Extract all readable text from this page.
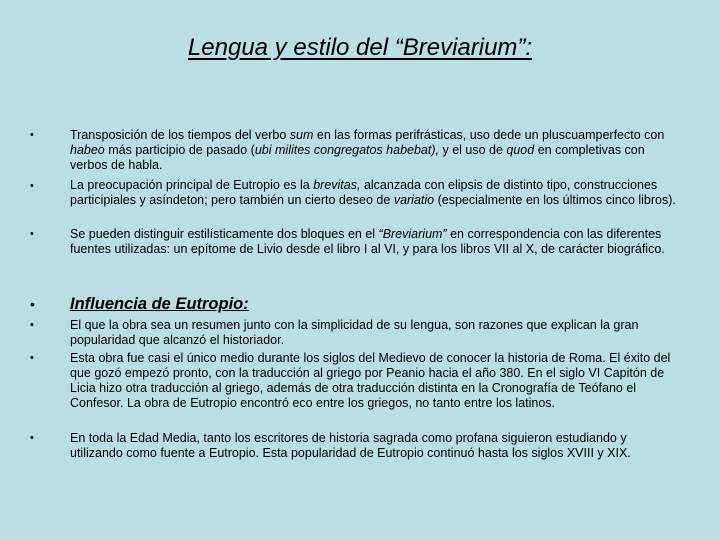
Lengua y estilo del “Breviarium”:
•	Transposición de los tiempos del verbo sum en las formas perifrásticas, uso dede un pluscuamperfecto con habeo más participio de pasado (ubi milites congregatos habebat), y el uso de quod en completivas con verbos de habla.
•	La preocupación principal de Eutropio es la brevitas, alcanzada con elipsis de distinto tipo, construcciones participiales y asíndeton; pero también un cierto deseo de variatio (especialmente en los últimos cinco libros).
•	Se pueden distinguir estilísticamente dos bloques en el “Breviarium” en correspondencia con las diferentes fuentes utilizadas: un epítome de Livio desde el libro I al VI, y para los libros VII al X, de carácter biográfico.
• Influencia de Eutropio:
•	El que la obra sea un resumen junto con la simplicidad de su lengua, son razones que explican la gran popularidad que alcanzó el historiador.
•	Esta obra fue casi el único medio durante los siglos del Medievo de conocer la historia de Roma. El éxito del que gozó empezó pronto, con la traducción al griego por Peanio hacia el año 380. En el siglo VI Capitón de Licia hizo otra traducción al griego, además de otra traducción distinta en la Cronografía de Teófano el Confesor. La obra de Eutropio encontró eco entre los griegos, no tanto entre los latinos.
•	En toda la Edad Media, tanto los escritores de historia sagrada como profana siguieron estudiando y utilizando como fuente a Eutropio. Esta popularidad de Eutropio continuó hasta los siglos XVIII y XIX.
